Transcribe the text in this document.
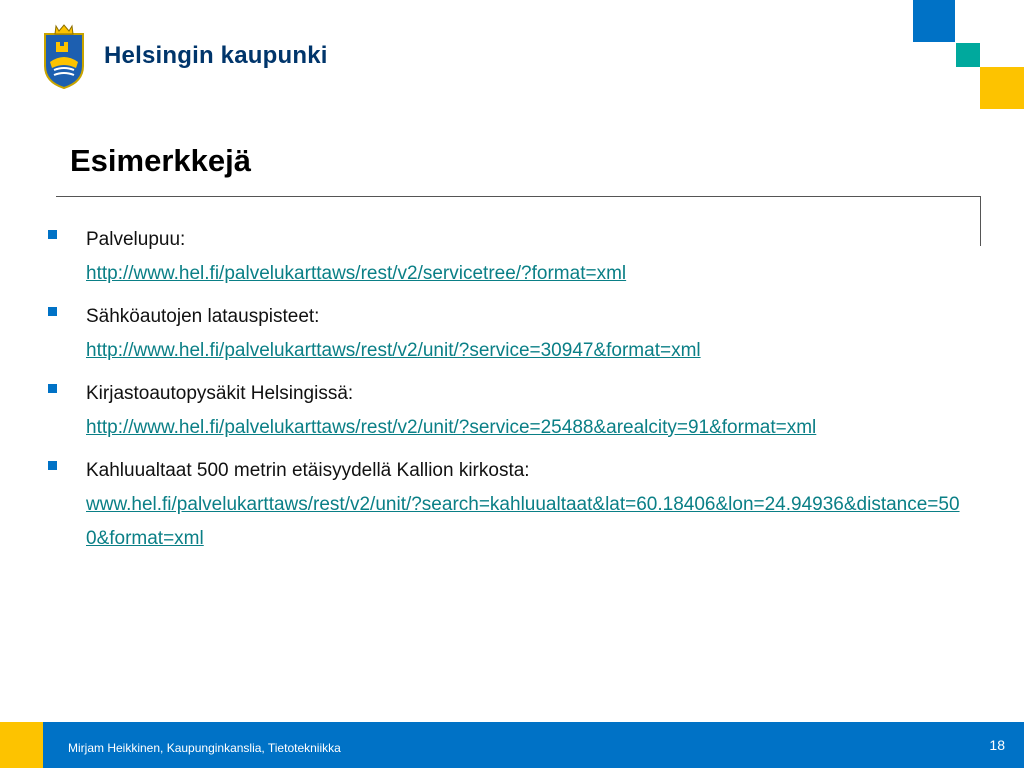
Helsingin kaupunki
Esimerkkejä
Palvelupuu:
http://www.hel.fi/palvelukarttaws/rest/v2/servicetree/?format=xml
Sähköautojen latauspisteet:
http://www.hel.fi/palvelukarttaws/rest/v2/unit/?service=30947&format=xml
Kirjastoautopysäkit Helsingissä:
http://www.hel.fi/palvelukarttaws/rest/v2/unit/?service=25488&arealcity=91&format=xml
Kahluualtaat 500 metrin etäisyydellä Kallion kirkosta:
www.hel.fi/palvelukarttaws/rest/v2/unit/?search=kahluualtaat&lat=60.18406&lon=24.94936&distance=500&format=xml
Mirjam Heikkinen, Kaupunginkanslia, Tietotekniikka	18
